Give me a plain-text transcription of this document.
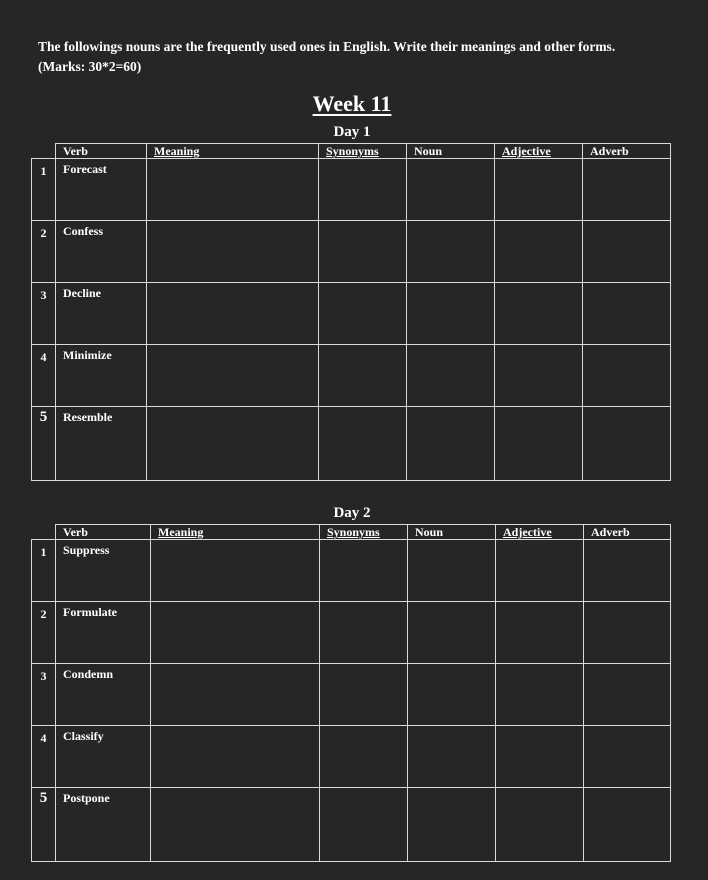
The followings nouns are the frequently used ones in English. Write their meanings and other forms. (Marks: 30*2=60)
Week 11
Day 1

	Verb	Meaning	Synonyms	Noun	Adjective	Adverb

1	Forecast					

2	Confess					

3	Decline					

4	Minimize					

5	Resemble					

Day 2

	Verb	Meaning	Synonyms	Noun	Adjective	Adverb

1	Suppress					

2	Formulate					

3	Condemn					

4	Classify					

5	Postpone					
